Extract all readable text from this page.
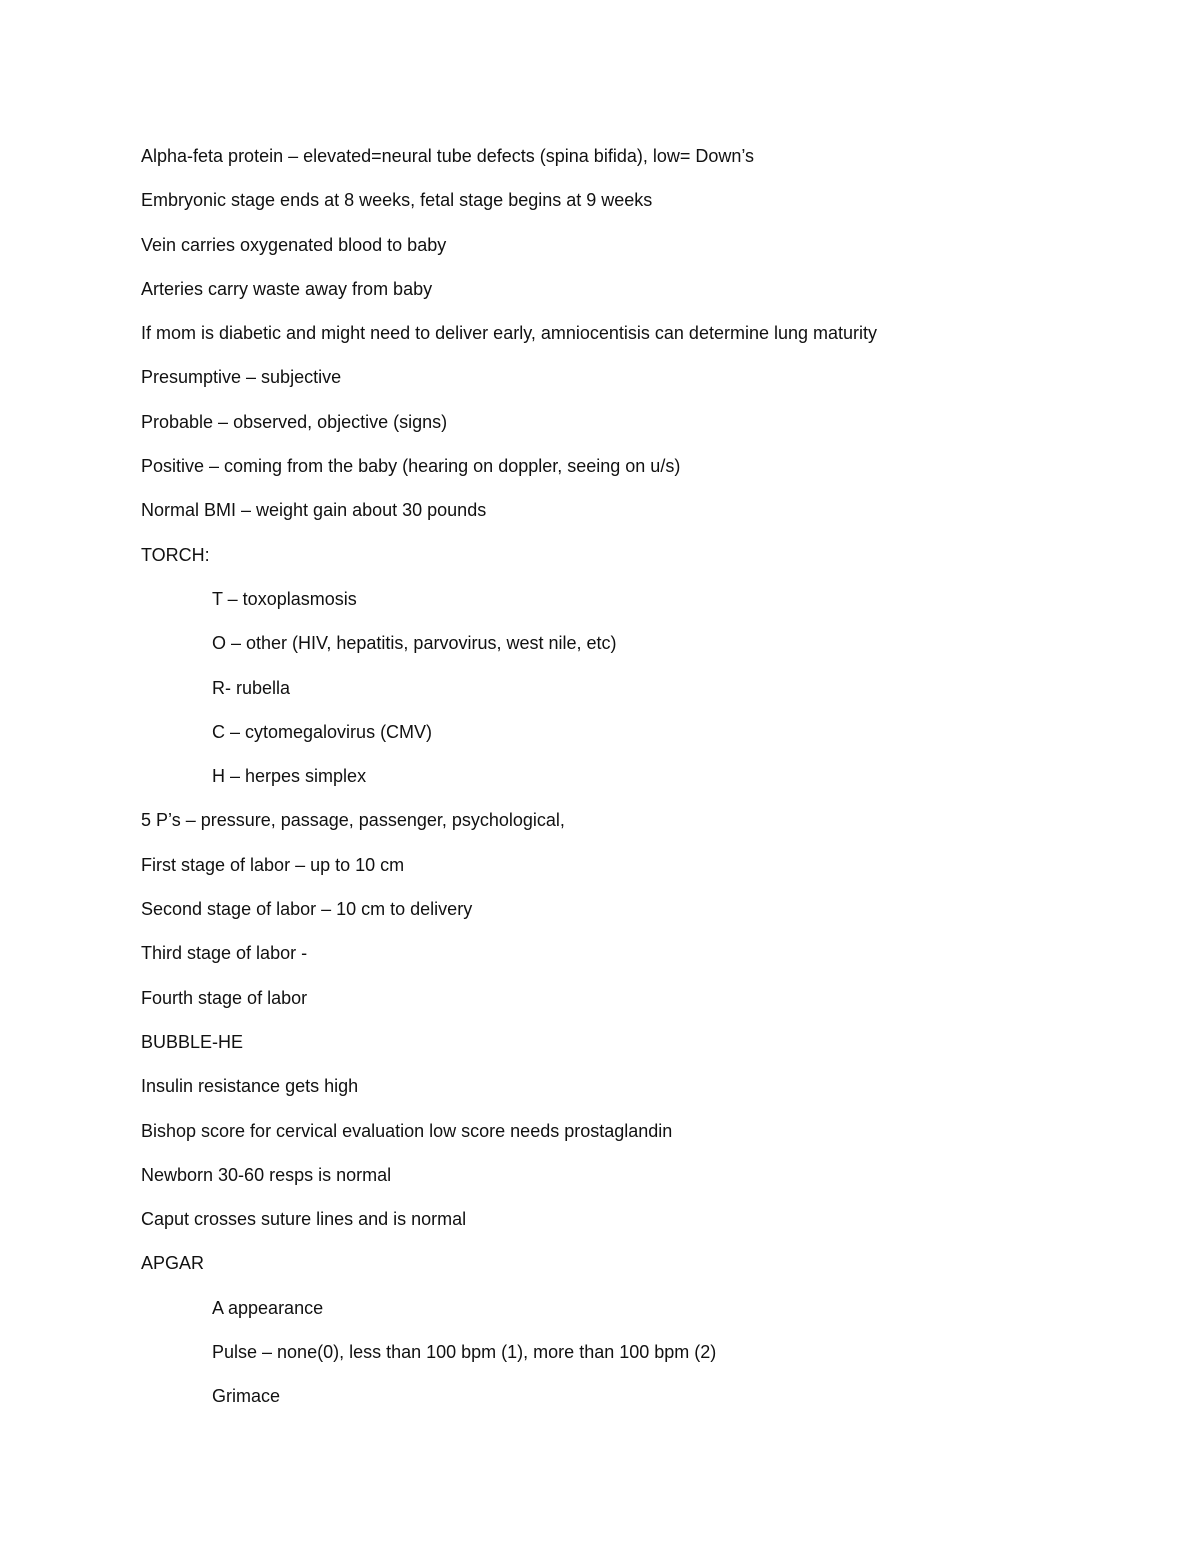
Alpha-feta protein – elevated=neural tube defects (spina bifida), low= Down’s
Embryonic stage ends at 8 weeks, fetal stage begins at 9 weeks
Vein carries oxygenated blood to baby
Arteries carry waste away from baby
If mom is diabetic and might need to deliver early, amniocentisis can determine lung maturity
Presumptive – subjective
Probable – observed, objective (signs)
Positive – coming from the baby (hearing on doppler, seeing on u/s)
Normal BMI – weight gain about 30 pounds
TORCH:
T – toxoplasmosis
O – other (HIV, hepatitis, parvovirus, west nile, etc)
R- rubella
C – cytomegalovirus (CMV)
H – herpes simplex
5 P’s – pressure, passage, passenger, psychological,
First stage of labor – up to 10 cm
Second stage of labor – 10 cm to delivery
Third stage of labor -
Fourth stage of labor
BUBBLE-HE
Insulin resistance gets high
Bishop score for cervical evaluation low score needs prostaglandin
Newborn 30-60 resps is normal
Caput crosses suture lines and is normal
APGAR
A appearance
Pulse – none(0), less than 100 bpm (1), more than 100 bpm (2)
Grimace
